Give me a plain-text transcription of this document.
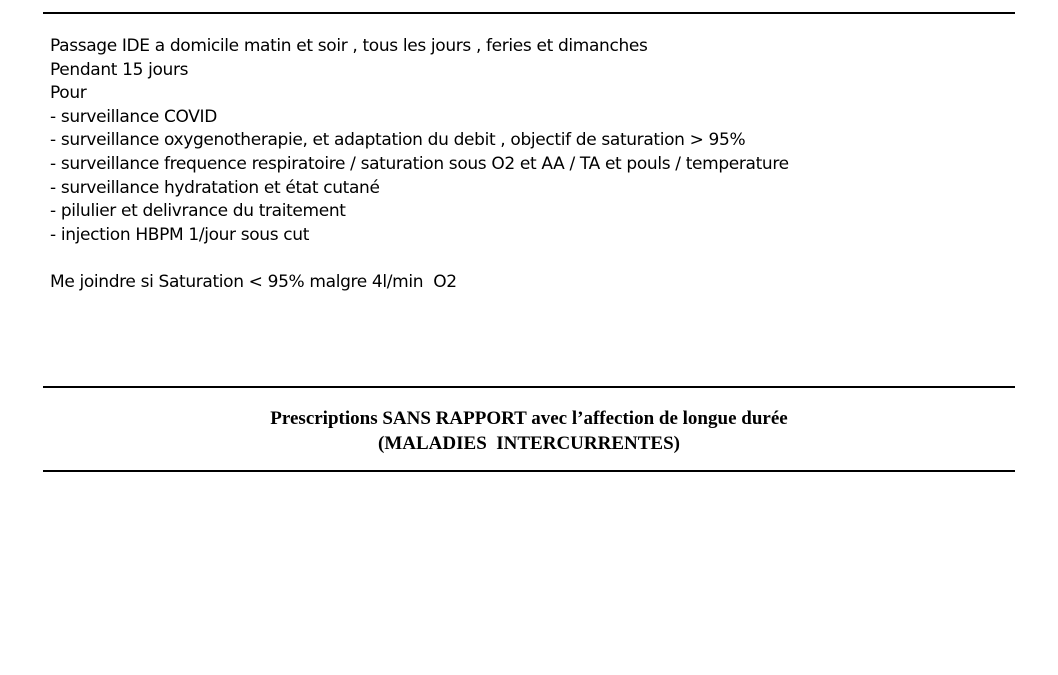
Passage IDE a domicile matin et soir , tous les jours , feries et dimanches
Pendant 15 jours
Pour
- surveillance COVID
- surveillance oxygenotherapie, et adaptation du debit , objectif de saturation > 95%
- surveillance frequence respiratoire / saturation sous O2 et AA / TA et pouls / temperature
- surveillance hydratation et état cutané
- pilulier et delivrance du traitement
- injection HBPM 1/jour sous cut
Me joindre si Saturation < 95% malgre 4l/min  O2
Prescriptions SANS RAPPORT avec l’affection de longue durée
(MALADIES  INTERCURRENTES)
